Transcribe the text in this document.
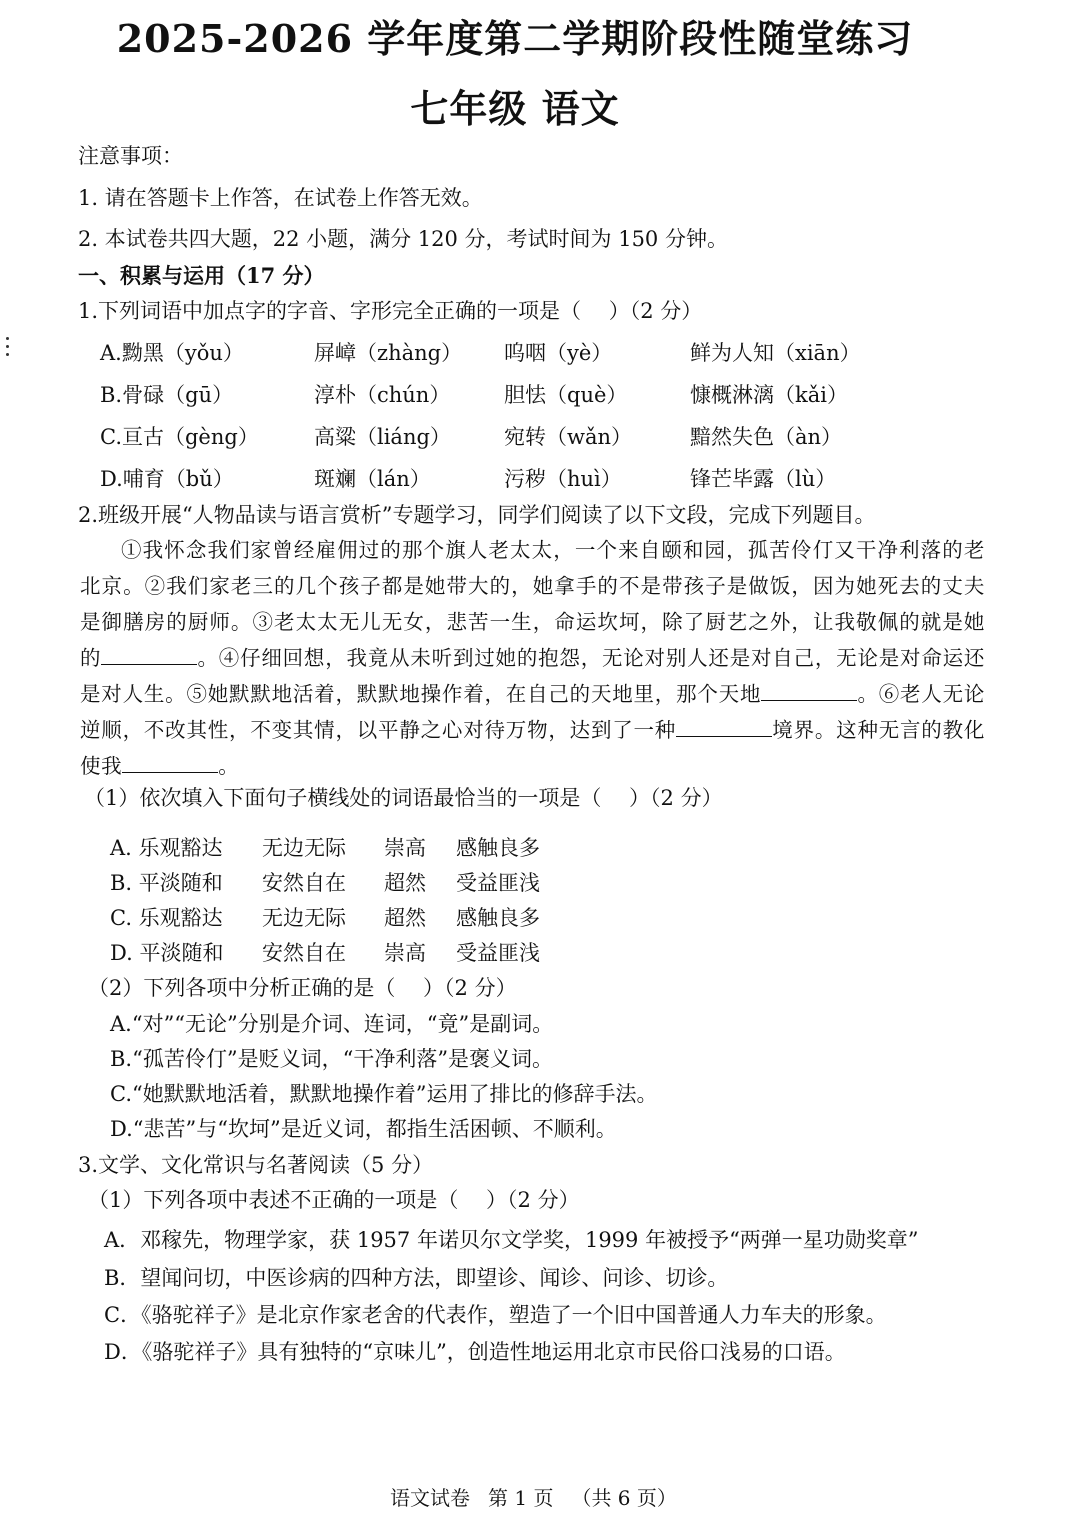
2025-2026 学年度第二学期阶段性随堂练习
七年级 语文
注意事项：
1. 请在答题卡上作答，在试卷上作答无效。
2. 本试卷共四大题，22 小题，满分 120 分，考试时间为 150 分钟。
一、积累与运用（17 分）
1.下列词语中加点字的字音、字形完全正确的一项是（　 ）（2 分）
A.黝黑（yǒu）	屏嶂（zhàng） 呜咽（yè）	鲜为人知（xiān）
B.骨碌（gū）	淳朴（chún）	胆怯（què）	慷概淋漓（kǎi）
C.亘古（gèng）	高粱（liáng）	宛转（wǎn）	黯然失色（àn）
D.哺育（bǔ）	斑斓（lán）	污秽（huì）	锋芒毕露（lù）
2.班级开展“人物品读与语言赏析”专题学习，同学们阅读了以下文段，完成下列题目。
①我怀念我们家曾经雇佣过的那个旗人老太太，一个来自颐和园，孤苦伶仃又干净利落的老北京。②我们家老三的几个孩子都是她带大的，她拿手的不是带孩子是做饭，因为她死去的丈夫是御膳房的厨师。③老太太无儿无女，悲苦一生，命运坎坷，除了厨艺之外，让我敬佩的就是她的	。④仔细回想，我竟从未听到过她的抱怨，无论对别人还是对自己，无论是对命运还是对人生。⑤她默默地活着，默默地操作着，在自己的天地里，那个天地	。⑥老人无论逆顺，不改其性，不变其情，以平静之心对待万物，达到了一种	境界。这种无言的教化使我	。
（1）依次填入下面句子横线处的词语最恰当的一项是（　 ）（2 分）
A. 乐观豁达 无边无际 崇高 感触良多
B. 平淡随和 安然自在 超然 受益匪浅
C. 乐观豁达 无边无际 超然 感触良多
D. 平淡随和 安然自在 崇高 受益匪浅
（2）下列各项中分析正确的是（　 ）（2 分）
A.“对”“无论”分别是介词、连词，“竟”是副词。
B.“孤苦伶仃”是贬义词，“干净利落”是褒义词。
C.“她默默地活着，默默地操作着”运用了排比的修辞手法。
D.“悲苦”与“坎坷”是近义词，都指生活困顿、不顺利。
3.文学、文化常识与名著阅读（5 分）
（1）下列各项中表述不正确的一项是（　 ）（2 分）
A．邓稼先，物理学家，获 1957 年诺贝尔文学奖，1999 年被授予“两弹一星功勋奖章”
B．望闻问切，中医诊病的四种方法，即望诊、闻诊、问诊、切诊。
C．《骆驼祥子》是北京作家老舍的代表作，塑造了一个旧中国普通人力车夫的形象。
D．《骆驼祥子》具有独特的“京味儿”，创造性地运用北京市民俗口浅易的口语。
语文试卷 第 1 页 （共 6 页）
